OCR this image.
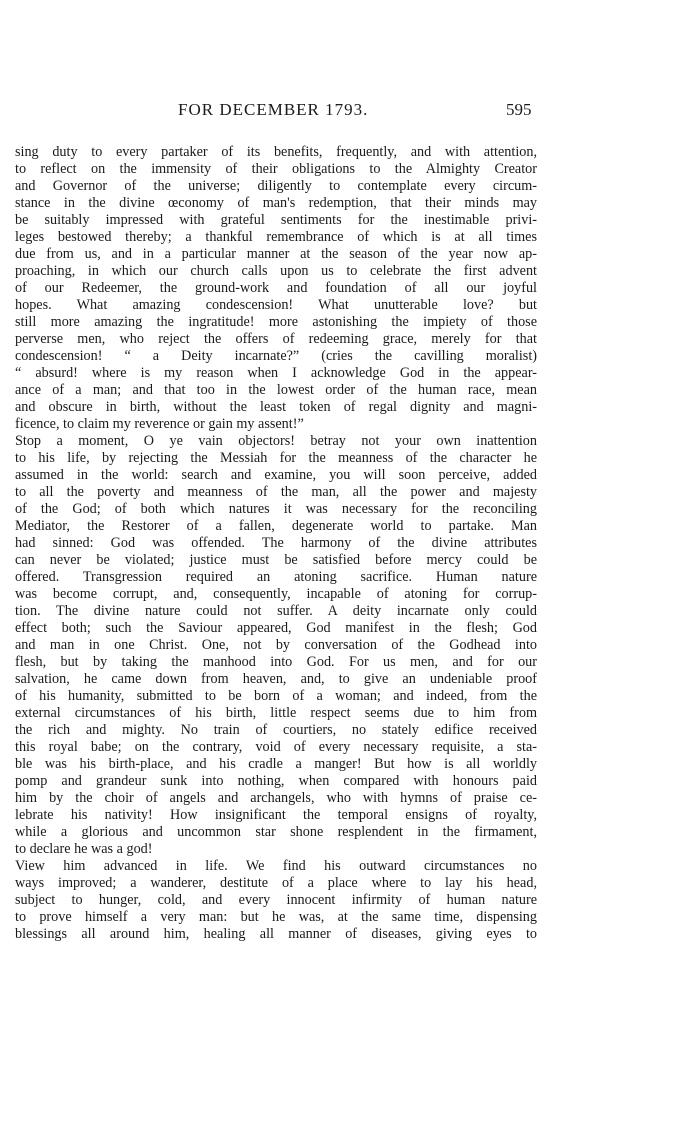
FOR DECEMBER 1793.	595
sing duty to every partaker of its benefits, frequently, and with attention,
to reflect on the immensity of their obligations to the Almighty Creator
and Governor of the universe; diligently to contemplate every circum-
stance in the divine œconomy of man's redemption, that their minds may
be suitably impressed with grateful sentiments for the inestimable privi-
leges bestowed thereby; a thankful remembrance of which is at all times
due from us, and in a particular manner at the season of the year now ap-
proaching, in which our church calls upon us to celebrate the first advent
of our Redeemer, the ground-work and foundation of all our joyful
hopes. What amazing condescension! What unutterable love? but
still more amazing the ingratitude! more astonishing the impiety of those
perverse men, who reject the offers of redeeming grace, merely for that
condescension! “ a Deity incarnate?” (cries the cavilling moralist)
“ absurd! where is my reason when I acknowledge God in the appear-
ance of a man; and that too in the lowest order of the human race, mean
and obscure in birth, without the least token of regal dignity and magni-
ficence, to claim my reverence or gain my assent!”
Stop a moment, O ye vain objectors! betray not your own inattention
to his life, by rejecting the Messiah for the meanness of the character he
assumed in the world: search and examine, you will soon perceive, added
to all the poverty and meanness of the man, all the power and majesty
of the God; of both which natures it was necessary for the reconciling
Mediator, the Restorer of a fallen, degenerate world to partake. Man
had sinned: God was offended. The harmony of the divine attributes
can never be violated; justice must be satisfied before mercy could be
offered. Transgression required an atoning sacrifice. Human nature
was become corrupt, and, consequently, incapable of atoning for corrup-
tion. The divine nature could not suffer. A deity incarnate only could
effect both; such the Saviour appeared, God manifest in the flesh; God
and man in one Christ. One, not by conversation of the Godhead into
flesh, but by taking the manhood into God. For us men, and for our
salvation, he came down from heaven, and, to give an undeniable proof
of his humanity, submitted to be born of a woman; and indeed, from the
external circumstances of his birth, little respect seems due to him from
the rich and mighty. No train of courtiers, no stately edifice received
this royal babe; on the contrary, void of every necessary requisite, a sta-
ble was his birth-place, and his cradle a manger! But how is all worldly
pomp and grandeur sunk into nothing, when compared with honours paid
him by the choir of angels and archangels, who with hymns of praise ce-
lebrate his nativity! How insignificant the temporal ensigns of royalty,
while a glorious and uncommon star shone resplendent in the firmament,
to declare he was a god!
View him advanced in life. We find his outward circumstances no
ways improved; a wanderer, destitute of a place where to lay his head,
subject to hunger, cold, and every innocent infirmity of human nature
to prove himself a very man: but he was, at the same time, dispensing
blessings all around him, healing all manner of diseases, giving eyes to
